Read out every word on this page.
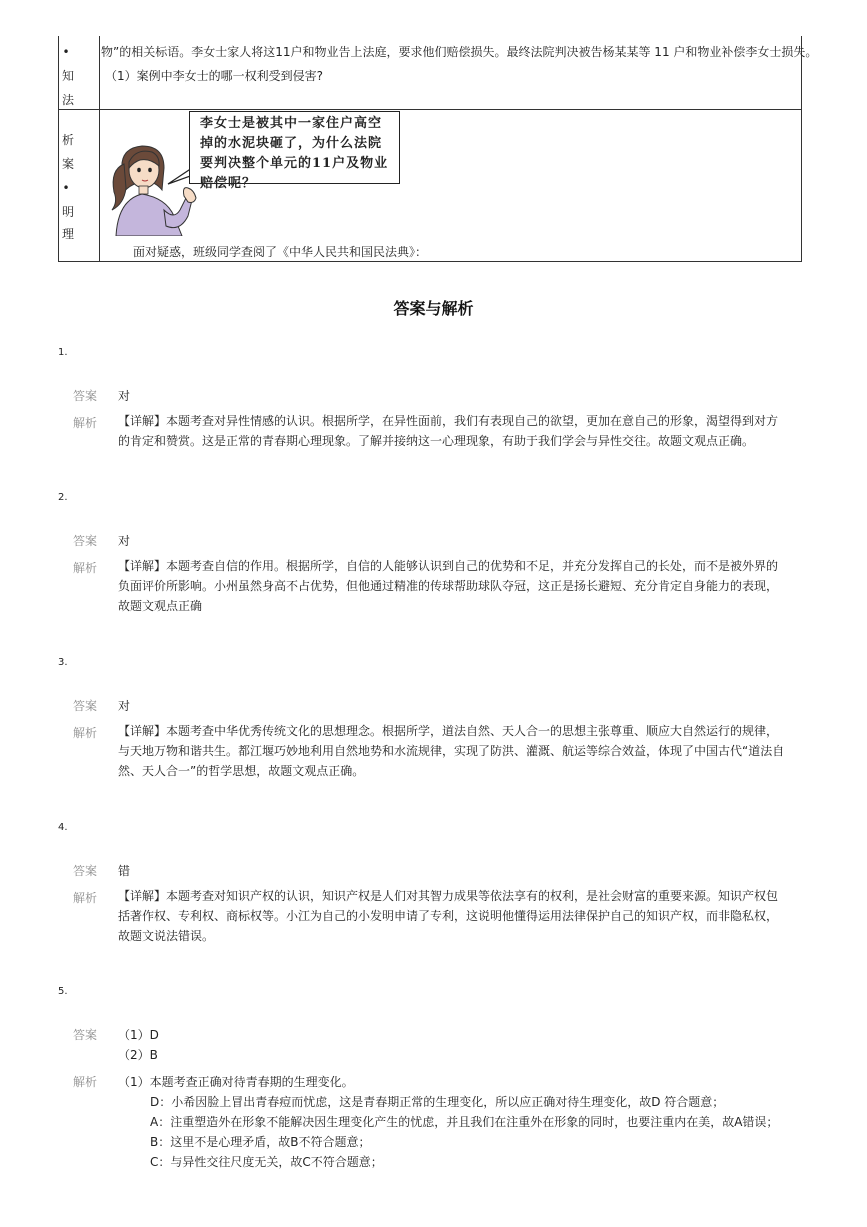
•
知
法
析
案
•
明
理
物”的相关标语。李女士家人将这11户和物业告上法庭，要求他们赔偿损失。最终法院判决被告杨某某等 11 户和物业补偿李女士损失。
（1）案例中李女士的哪一权利受到侵害?
面对疑惑，班级同学查阅了《中华人民共和国民法典》：
李女士是被其中一家住户高空
掉的水泥块砸了，为什么法院
要判决整个单元的11户及物业
赔偿呢？
答案与解析
1.
答案 对
解析 【详解】本题考查对异性情感的认识。根据所学，在异性面前，我们有表现自己的欲望，更加在意自己的形象，渴望得到对方的肯定和赞赏。这是正常的青春期心理现象。了解并接纳这一心理现象，有助于我们学会与异性交往。故题文观点正确。
2.
答案 对
解析 【详解】本题考查自信的作用。根据所学，自信的人能够认识到自己的优势和不足，并充分发挥自己的长处，而不是被外界的负面评价所影响。小州虽然身高不占优势，但他通过精准的传球帮助球队夺冠，这正是扬长避短、充分肯定自身能力的表现，故题文观点正确
3.
答案 对
解析 【详解】本题考查中华优秀传统文化的思想理念。根据所学，道法自然、天人合一的思想主张尊重、顺应大自然运行的规律，与天地万物和谐共生。都江堰巧妙地利用自然地势和水流规律，实现了防洪、灌溉、航运等综合效益，体现了中国古代“道法自然、天人合一”的哲学思想，故题文观点正确。
4.
答案 错
解析 【详解】本题考查对知识产权的认识，知识产权是人们对其智力成果等依法享有的权利，是社会财富的重要来源。知识产权包括著作权、专利权、商标权等。小江为自己的小发明申请了专利，这说明他懂得运用法律保护自己的知识产权，而非隐私权，故题文说法错误。
5.
答案 （1）D
（2）B
解析 （1）本题考查正确对待青春期的生理变化。
D：小希因脸上冒出青春痘而忧虑，这是青春期正常的生理变化，所以应正确对待生理变化，故D 符合题意；
A：注重塑造外在形象不能解决因生理变化产生的忧虑，并且我们在注重外在形象的同时，也要注重内在美，故A错误；
B：这里不是心理矛盾，故B不符合题意；
C：与异性交往尺度无关，故C不符合题意；
